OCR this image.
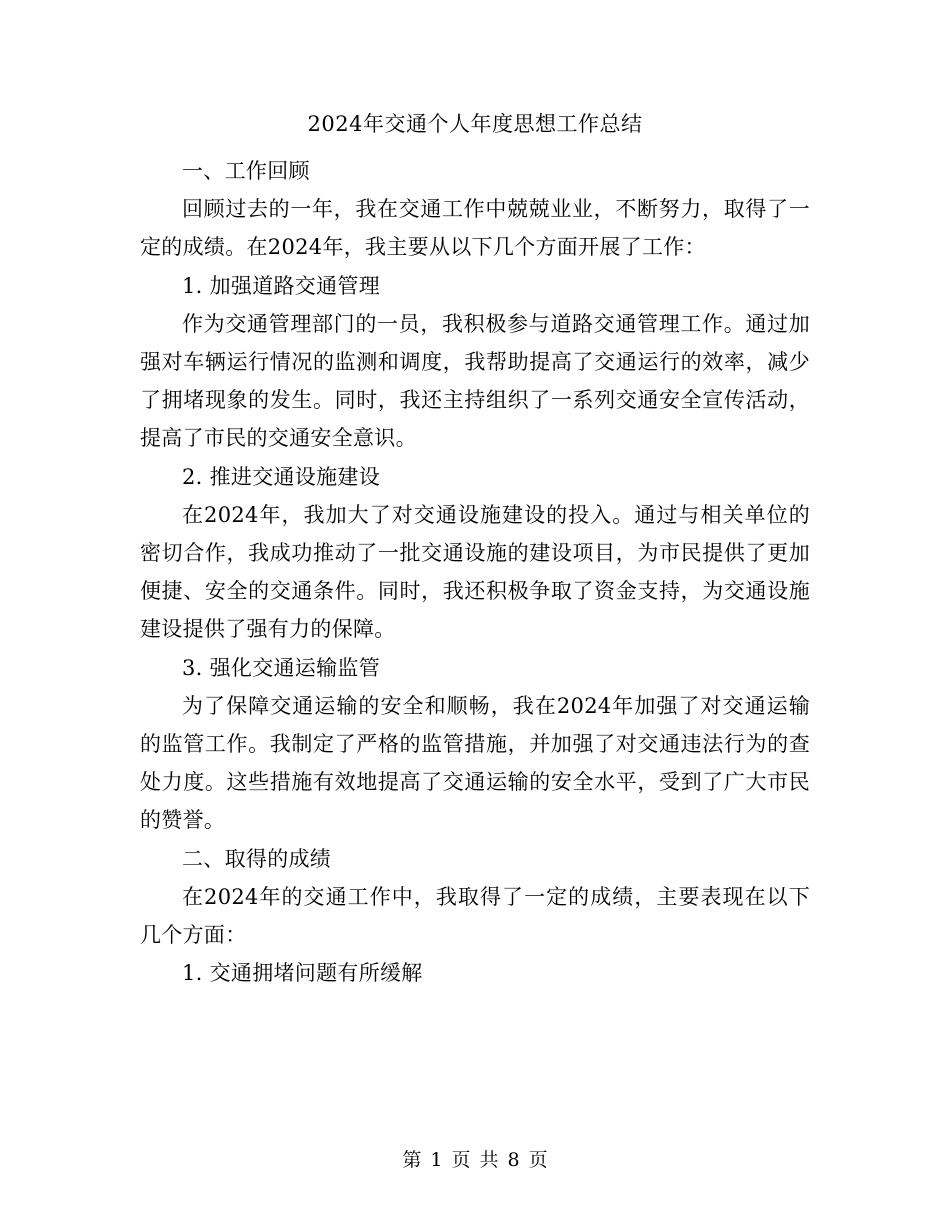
2024年交通个人年度思想工作总结

一、工作回顾

回顾过去的一年，我在交通工作中兢兢业业，不断努力，取得了一定的成绩。在2024年，我主要从以下几个方面开展了工作：

1. 加强道路交通管理

作为交通管理部门的一员，我积极参与道路交通管理工作。通过加强对车辆运行情况的监测和调度，我帮助提高了交通运行的效率，减少了拥堵现象的发生。同时，我还主持组织了一系列交通安全宣传活动，提高了市民的交通安全意识。

2. 推进交通设施建设

在2024年，我加大了对交通设施建设的投入。通过与相关单位的密切合作，我成功推动了一批交通设施的建设项目，为市民提供了更加便捷、安全的交通条件。同时，我还积极争取了资金支持，为交通设施建设提供了强有力的保障。

3. 强化交通运输监管

为了保障交通运输的安全和顺畅，我在2024年加强了对交通运输的监管工作。我制定了严格的监管措施，并加强了对交通违法行为的查处力度。这些措施有效地提高了交通运输的安全水平，受到了广大市民的赞誉。

二、取得的成绩

在2024年的交通工作中，我取得了一定的成绩，主要表现在以下几个方面：

1. 交通拥堵问题有所缓解

第 1 页 共 8 页
